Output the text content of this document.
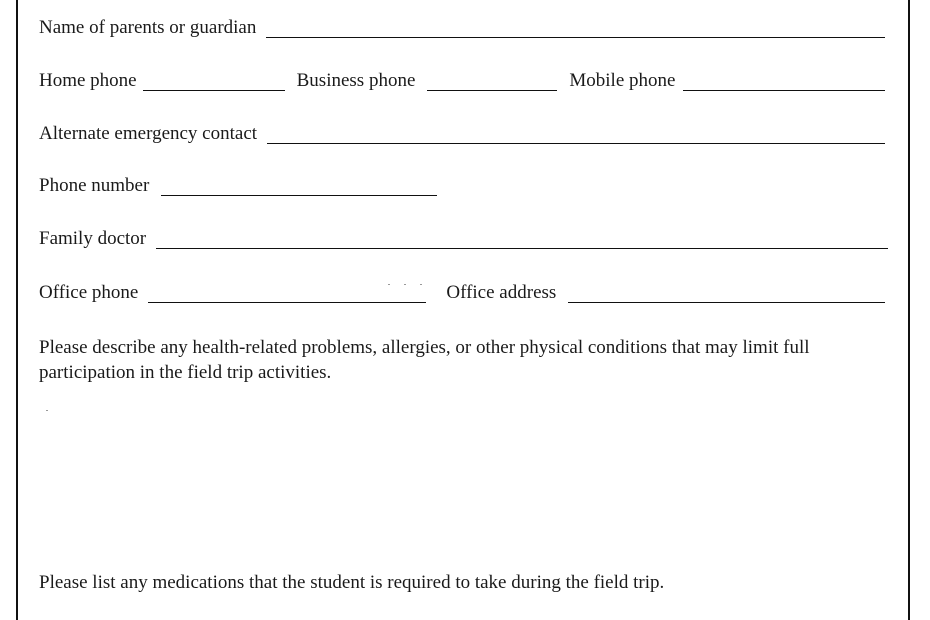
Name of parents or guardian
Home phone	Business phone	Mobile phone
Alternate emergency contact
Phone number
Family doctor
Office phone	Office address
Please describe any health-related problems, allergies, or other physical conditions that may limit full participation in the field trip activities.
Please list any medications that the student is required to take during the field trip.
